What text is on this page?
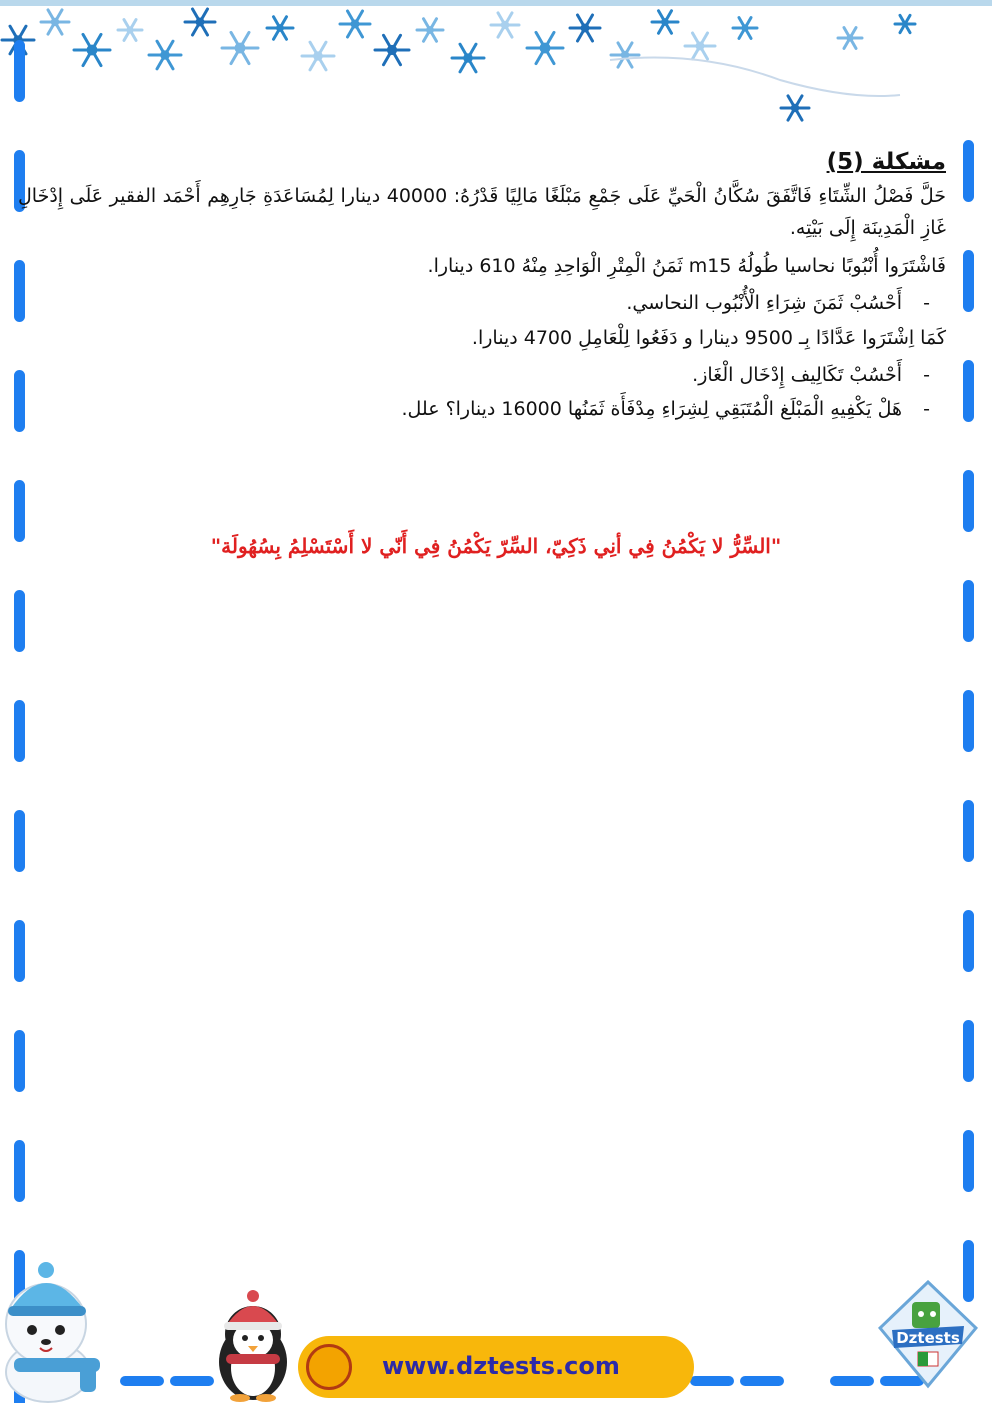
مشكلة (5)
حَلَّ فَصْلُ الشِّتَاءِ فَاتَّفَقَ سُكَّانُ الْحَيِّ عَلَى جَمْعِ مَبْلَغًا مَالِيًا قَدْرُهُ: 40000 دينارا لِمُسَاعَدَةِ جَارِهِم أَحْمَد الفقير عَلَى إِدْخَالِ غَازِ الْمَدِينَة إِلَى بَيْتِه.
فَاشْتَرَوا أُنْبُوبًا نحاسيا طُولُهُ m15 ثَمَنُ الْمِتْرِ الْوَاحِدِ مِنْهُ 610 دينارا.
-أَحْسُبْ ثَمَنَ شِرَاءِ الْأُنْبُوب النحاسي.
كَمَا اِشْتَرَوا عَدَّادًا بِـ 9500 دينارا و دَفَعُوا لِلْعَامِلِ 4700 دينارا.
-أَحْسُبْ تَكَالِيف إِدْخَال الْغَاز.
-هَلْ يَكْفِيهِ الْمَبْلَغ الْمُتَبَقِي لِشِرَاءِ مِدْفَأَة ثَمَنُها 16000 دينارا؟ علل.
"السِّرُّ لا يَكْمُنُ فِي أنِي ذَكِيّ، السِّرّ يَكْمُنُ فِي أَنّي لا أَسْتَسْلِمُ بِسُهُولَة"
www.dztests.com
Dztests
